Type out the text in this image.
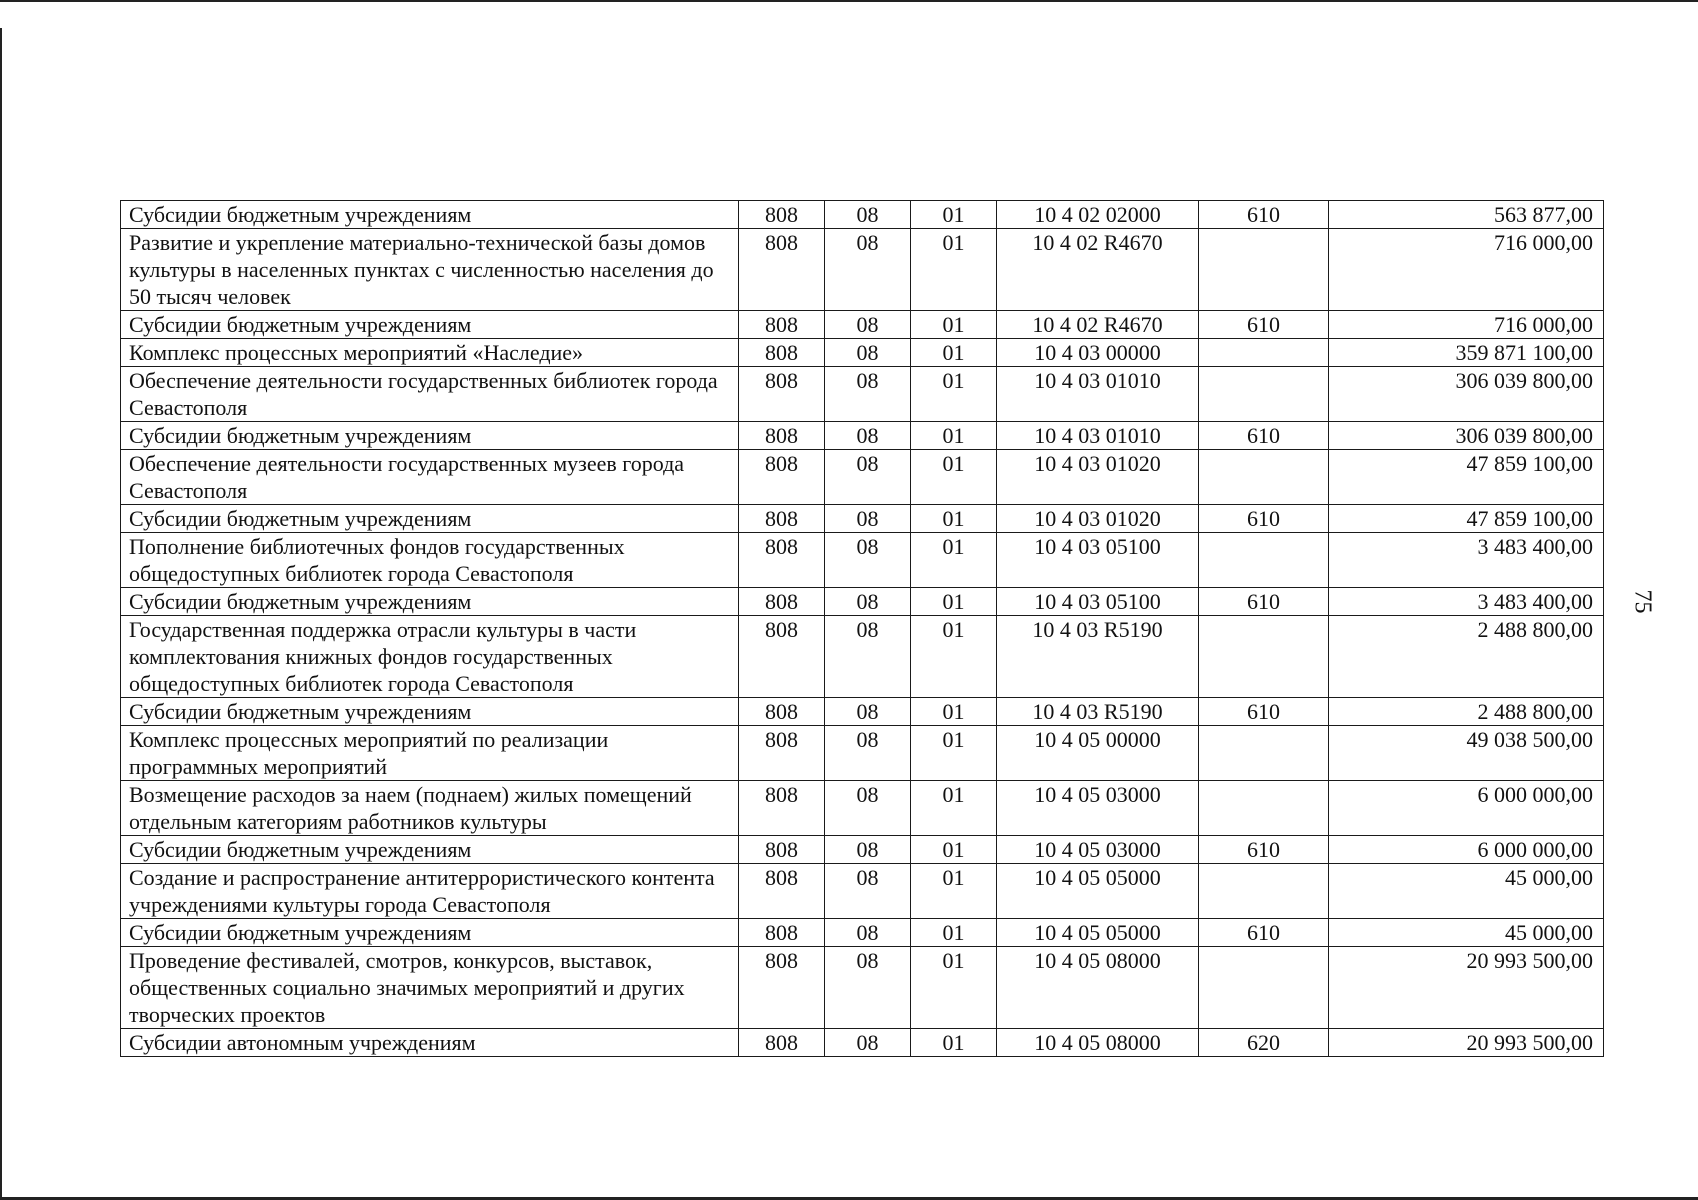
Субсидии бюджетным учреждениям	808	08	01	10 4 02 02000	610	563 877,00
Развитие и укрепление материально-технической базы домов культуры в населенных пунктах с численностью населения до 50 тысяч человек	808	08	01	10 4 02 R4670		716 000,00
Субсидии бюджетным учреждениям	808	08	01	10 4 02 R4670	610	716 000,00
Комплекс процессных мероприятий «Наследие»	808	08	01	10 4 03 00000		359 871 100,00
Обеспечение деятельности государственных библиотек города Севастополя	808	08	01	10 4 03 01010		306 039 800,00
Субсидии бюджетным учреждениям	808	08	01	10 4 03 01010	610	306 039 800,00
Обеспечение деятельности государственных музеев города Севастополя	808	08	01	10 4 03 01020		47 859 100,00
Субсидии бюджетным учреждениям	808	08	01	10 4 03 01020	610	47 859 100,00
Пополнение библиотечных фондов государственных общедоступных библиотек города Севастополя	808	08	01	10 4 03 05100		3 483 400,00
Субсидии бюджетным учреждениям	808	08	01	10 4 03 05100	610	3 483 400,00
Государственная поддержка отрасли культуры в части комплектования книжных фондов государственных общедоступных библиотек города Севастополя	808	08	01	10 4 03 R5190		2 488 800,00
Субсидии бюджетным учреждениям	808	08	01	10 4 03 R5190	610	2 488 800,00
Комплекс процессных мероприятий по реализации программных мероприятий	808	08	01	10 4 05 00000		49 038 500,00
Возмещение расходов за наем (поднаем) жилых помещений отдельным категориям работников культуры	808	08	01	10 4 05 03000		6 000 000,00
Субсидии бюджетным учреждениям	808	08	01	10 4 05 03000	610	6 000 000,00
Создание и распространение антитеррористического контента учреждениями культуры города Севастополя	808	08	01	10 4 05 05000		45 000,00
Субсидии бюджетным учреждениям	808	08	01	10 4 05 05000	610	45 000,00
Проведение фестивалей, смотров, конкурсов, выставок, общественных социально значимых мероприятий и других творческих проектов	808	08	01	10 4 05 08000		20 993 500,00
Субсидии автономным учреждениям	808	08	01	10 4 05 08000	620	20 993 500,00
75
